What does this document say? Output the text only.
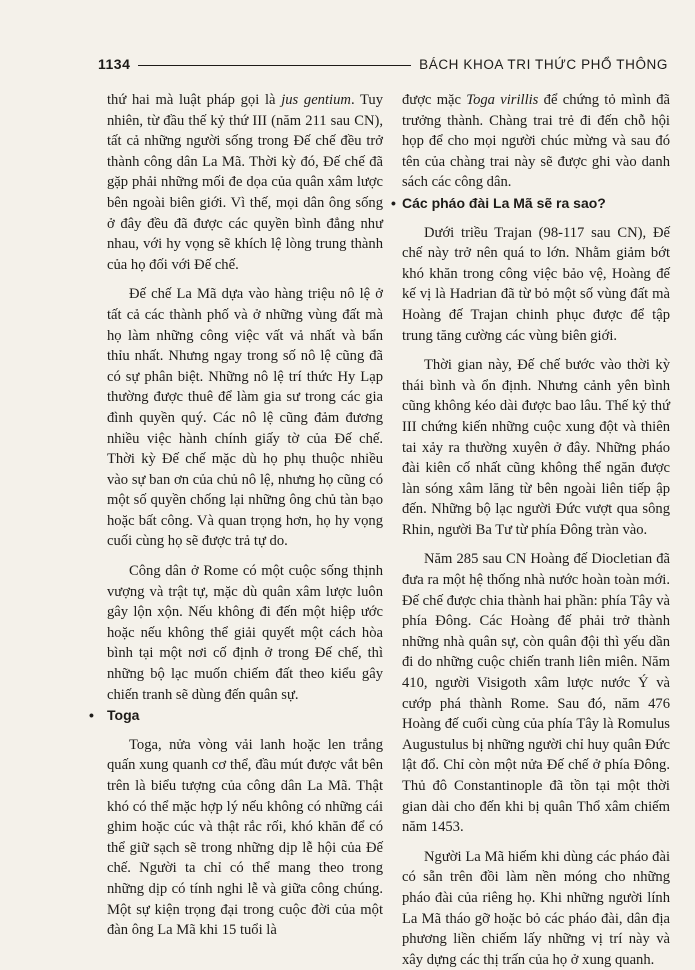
1134	BÁCH KHOA TRI THỨC PHỔ THÔNG

thứ hai mà luật pháp gọi là jus gentium. Tuy nhiên, từ đầu thế kỷ thứ III (năm 211 sau CN), tất cả những người sống trong Đế chế đều trở thành công dân La Mã. Thời kỳ đó, Đế chế đã gặp phải những mối đe dọa của quân xâm lược bên ngoài biên giới. Vì thế, mọi dân ông sống ở đây đều đã được các quyền bình đẳng như nhau, với hy vọng sẽ khích lệ lòng trung thành của họ đối với Đế chế.

Đế chế La Mã dựa vào hàng triệu nô lệ ở tất cả các thành phố và ở những vùng đất mà họ làm những công việc vất vả nhất và bẩn thỉu nhất. Nhưng ngay trong số nô lệ cũng đã có sự phân biệt. Những nô lệ trí thức Hy Lạp thường được thuê để làm gia sư trong các gia đình quyền quý. Các nô lệ cũng đảm đương nhiều việc hành chính giấy tờ của Đế chế. Thời kỳ Đế chế mặc dù họ phụ thuộc nhiều vào sự ban ơn của chủ nô lệ, nhưng họ cũng có một số quyền chống lại những ông chủ tàn bạo hoặc bất công. Và quan trọng hơn, họ hy vọng cuối cùng họ sẽ được trả tự do.

Công dân ở Rome có một cuộc sống thịnh vượng và trật tự, mặc dù quân xâm lược luôn gây lộn xộn. Nếu không đi đến một hiệp ước hoặc nếu không thể giải quyết một cách hòa bình tại một nơi cố định ở trong Đế chế, thì những bộ lạc muốn chiếm đất theo kiểu gây chiến tranh sẽ dùng đến quân sự.

• Toga

Toga, nửa vòng vải lanh hoặc len trắng quấn xung quanh cơ thể, đầu mút được vắt bên trên là biểu tượng của công dân La Mã. Thật khó có thể mặc hợp lý nếu không có những cái ghim hoặc cúc và thật rắc rối, khó khăn để có thể giữ sạch sẽ trong những dịp lễ hội của Đế chế. Người ta chỉ có thể mang theo trong những dịp có tính nghi lễ và giữa công chúng. Một sự kiện trọng đại trong cuộc đời của một đàn ông La Mã khi 15 tuổi là

được mặc Toga virillis để chứng tỏ mình đã trưởng thành. Chàng trai trẻ đi đến chỗ hội họp để cho mọi người chúc mừng và sau đó tên của chàng trai này sẽ được ghi vào danh sách các công dân.

• Các pháo đài La Mã sẽ ra sao?

Dưới triều Trajan (98-117 sau CN), Đế chế này trở nên quá to lớn. Nhằm giảm bớt khó khăn trong công việc bảo vệ, Hoàng đế kế vị là Hadrian đã từ bỏ một số vùng đất mà Hoàng đế Trajan chinh phục được để tập trung tăng cường các vùng biên giới.

Thời gian này, Đế chế bước vào thời kỳ thái bình và ổn định. Nhưng cảnh yên bình cũng không kéo dài được bao lâu. Thế kỷ thứ III chứng kiến những cuộc xung đột và thiên tai xảy ra thường xuyên ở đây. Những pháo đài kiên cố nhất cũng không thể ngăn được làn sóng xâm lăng từ bên ngoài liên tiếp ập đến. Những bộ lạc người Đức vượt qua sông Rhin, người Ba Tư từ phía Đông tràn vào.

Năm 285 sau CN Hoàng đế Diocletian đã đưa ra một hệ thống nhà nước hoàn toàn mới. Đế chế được chia thành hai phần: phía Tây và phía Đông. Các Hoàng đế phải trở thành những nhà quân sự, còn quân đội thì yếu dần đi do những cuộc chiến tranh liên miên. Năm 410, người Visigoth xâm lược nước Ý và cướp phá thành Rome. Sau đó, năm 476 Hoàng đế cuối cùng của phía Tây là Romulus Augustulus bị những người chỉ huy quân Đức lật đổ. Chỉ còn một nửa Đế chế ở phía Đông. Thủ đô Constantinople đã tồn tại một thời gian dài cho đến khi bị quân Thổ xâm chiếm năm 1453.

Người La Mã hiếm khi dùng các pháo đài có sẵn trên đồi làm nền móng cho những pháo đài của riêng họ. Khi những người lính La Mã tháo gỡ hoặc bỏ các pháo đài, dân địa phương liền chiếm lấy những vị trí này và xây dựng các thị trấn của họ ở xung quanh.
